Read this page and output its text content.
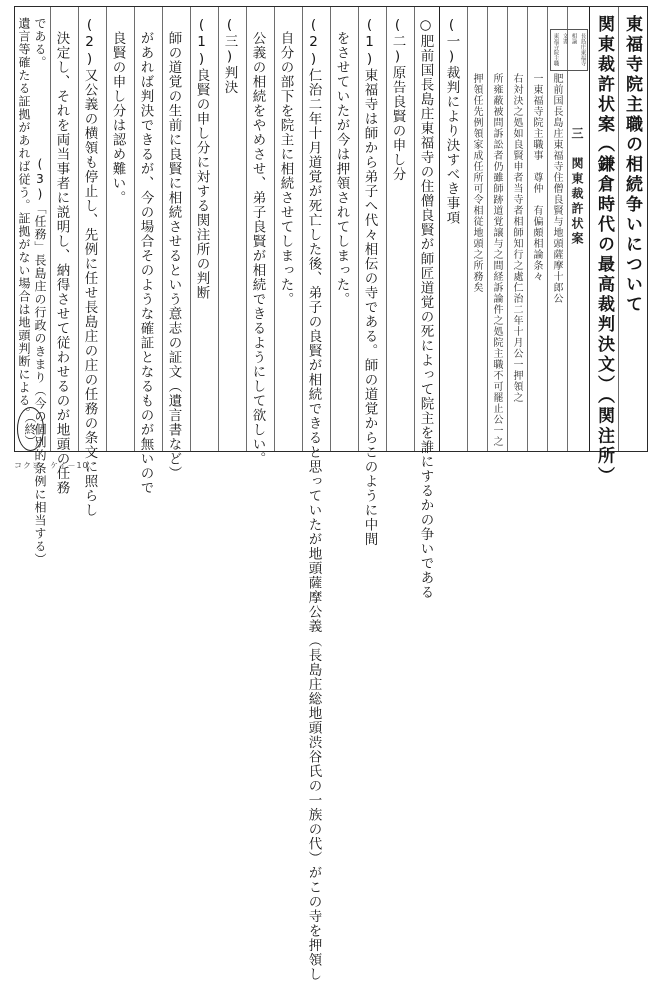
東福寺院主職の相続争いについて
関東裁許状案（鎌倉時代の最高裁判決文）（関注所）
長島庄東福寺
相論
文書
東福寺院主職
三　関東裁許状案
肥前国長島庄東福寺住僧良賢与地頭薩摩十郎公
一東福寺院主職事　尊仲　有偏頗相論条々
右対決之処如良賢申者当寺者相師知行之處仁治二年十月公一押領之
所雍蔽被問訴訟者仍雖師跡道覚譲与之間経訴論件之処院主職不可罷止公一之
押領任先例領家成任所可令相従地頭之所務矣
(一)裁判により決すべき事項
○肥前国長島庄東福寺の住僧良賢が師匠道覚の死によって院主を誰にするかの争いである
(二)原告良賢の申し分
(1)東福寺は師から弟子へ代々相伝の寺である。師の道覚からこのように中間
をさせていたが今は押領されてしまった。
(2)仁治二年十月道覚が死亡した後、弟子の良賢が相続できると思っていたが地頭薩摩公義（長島庄総地頭渋谷氏の一族の代）がこの寺を押領し
自分の部下を院主に相続させてしまった。
公義の相続をやめさせ、弟子良賢が相続できるようにして欲しい。
(三)判決
(1)良賢の申し分に対する関注所の判断
師の道覚の生前に良賢に相続させるという意志の証文（遺言書など）
があれば判決できるが、今の場合そのような確証となるものが無いので
良賢の申し分は認め難い。
(2)又公義の横領も停止し、先例に任せ長島庄の庄の任務の条文に照らし
決定し、それを両当事者に説明し、納得させて従わせるのが地頭の任務
である。
(3)「任務」長島庄の行政のきまり（今の個別的条例に相当する）
遺言等確たる証拠があれば従う。証拠がない場合は地頭判断による。
（終）
コクヨ　ケイ－10
